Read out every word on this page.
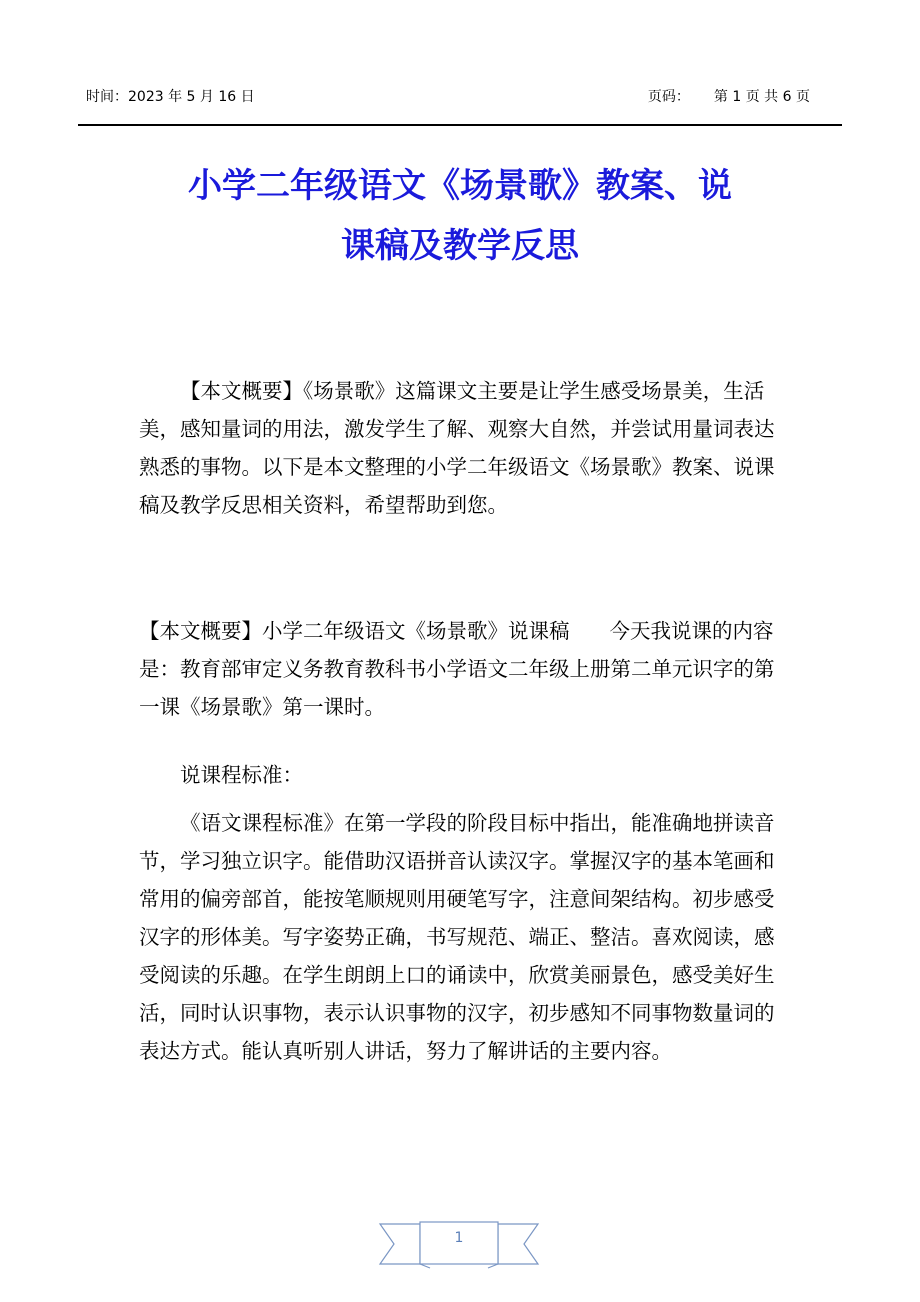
时间：2023 年 5 月 16 日	页码： 第 1 页 共 6 页
小学二年级语文《场景歌》教案、说
课稿及教学反思

【本文概要】《场景歌》这篇课文主要是让学生感受场景美，生活美，感知量词的用法，激发学生了解、观察大自然，并尝试用量词表达熟悉的事物。以下是本文整理的小学二年级语文《场景歌》教案、说课稿及教学反思相关资料，希望帮助到您。

【本文概要】小学二年级语文《场景歌》说课稿 今天我说课的内容是：教育部审定义务教育教科书小学语文二年级上册第二单元识字的第一课《场景歌》第一课时。

说课程标准：

《语文课程标准》在第一学段的阶段目标中指出，能准确地拼读音节，学习独立识字。能借助汉语拼音认读汉字。掌握汉字的基本笔画和常用的偏旁部首，能按笔顺规则用硬笔写字，注意间架结构。初步感受汉字的形体美。写字姿势正确，书写规范、端正、整洁。喜欢阅读，感受阅读的乐趣。在学生朗朗上口的诵读中，欣赏美丽景色，感受美好生活，同时认识事物，表示认识事物的汉字，初步感知不同事物数量词的表达方式。能认真听别人讲话，努力了解讲话的主要内容。

1
